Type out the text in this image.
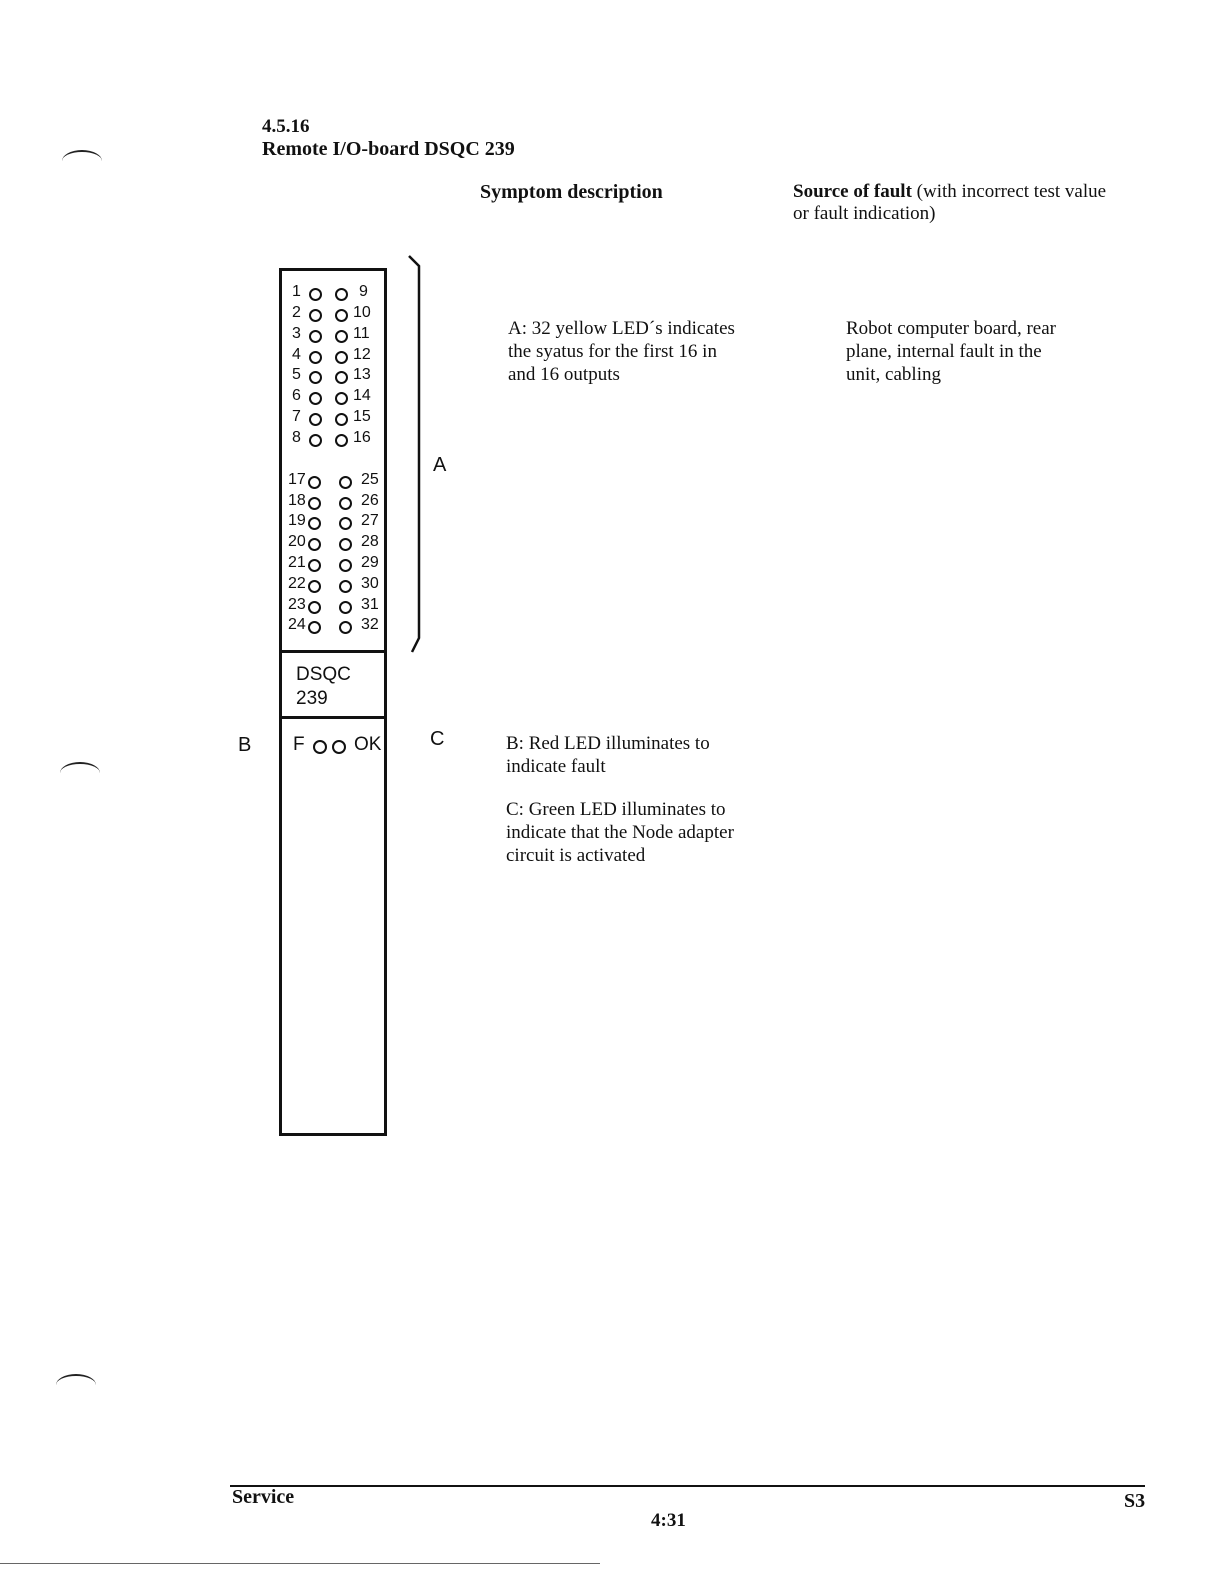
4.5.16
Remote I/O-board DSQC 239
Symptom description	Source of fault (with incorrect test value or fault indication)
1	9
2	10
3	11
4	12
5	13
6	14
7	15
8	16
17	25
18	26
19	27
20	28
21	29
22	30
23	31
24	32
DSQC
239
F	OK
A
B	C
A: 32 yellow LED´s indicates
the syatus for the first 16 in
and 16 outputs
Robot computer board, rear
plane, internal fault in the
unit, cabling
B: Red LED illuminates to
indicate fault
C: Green LED illuminates to
indicate that the Node adapter
circuit is activated
Service	S3
4:31
